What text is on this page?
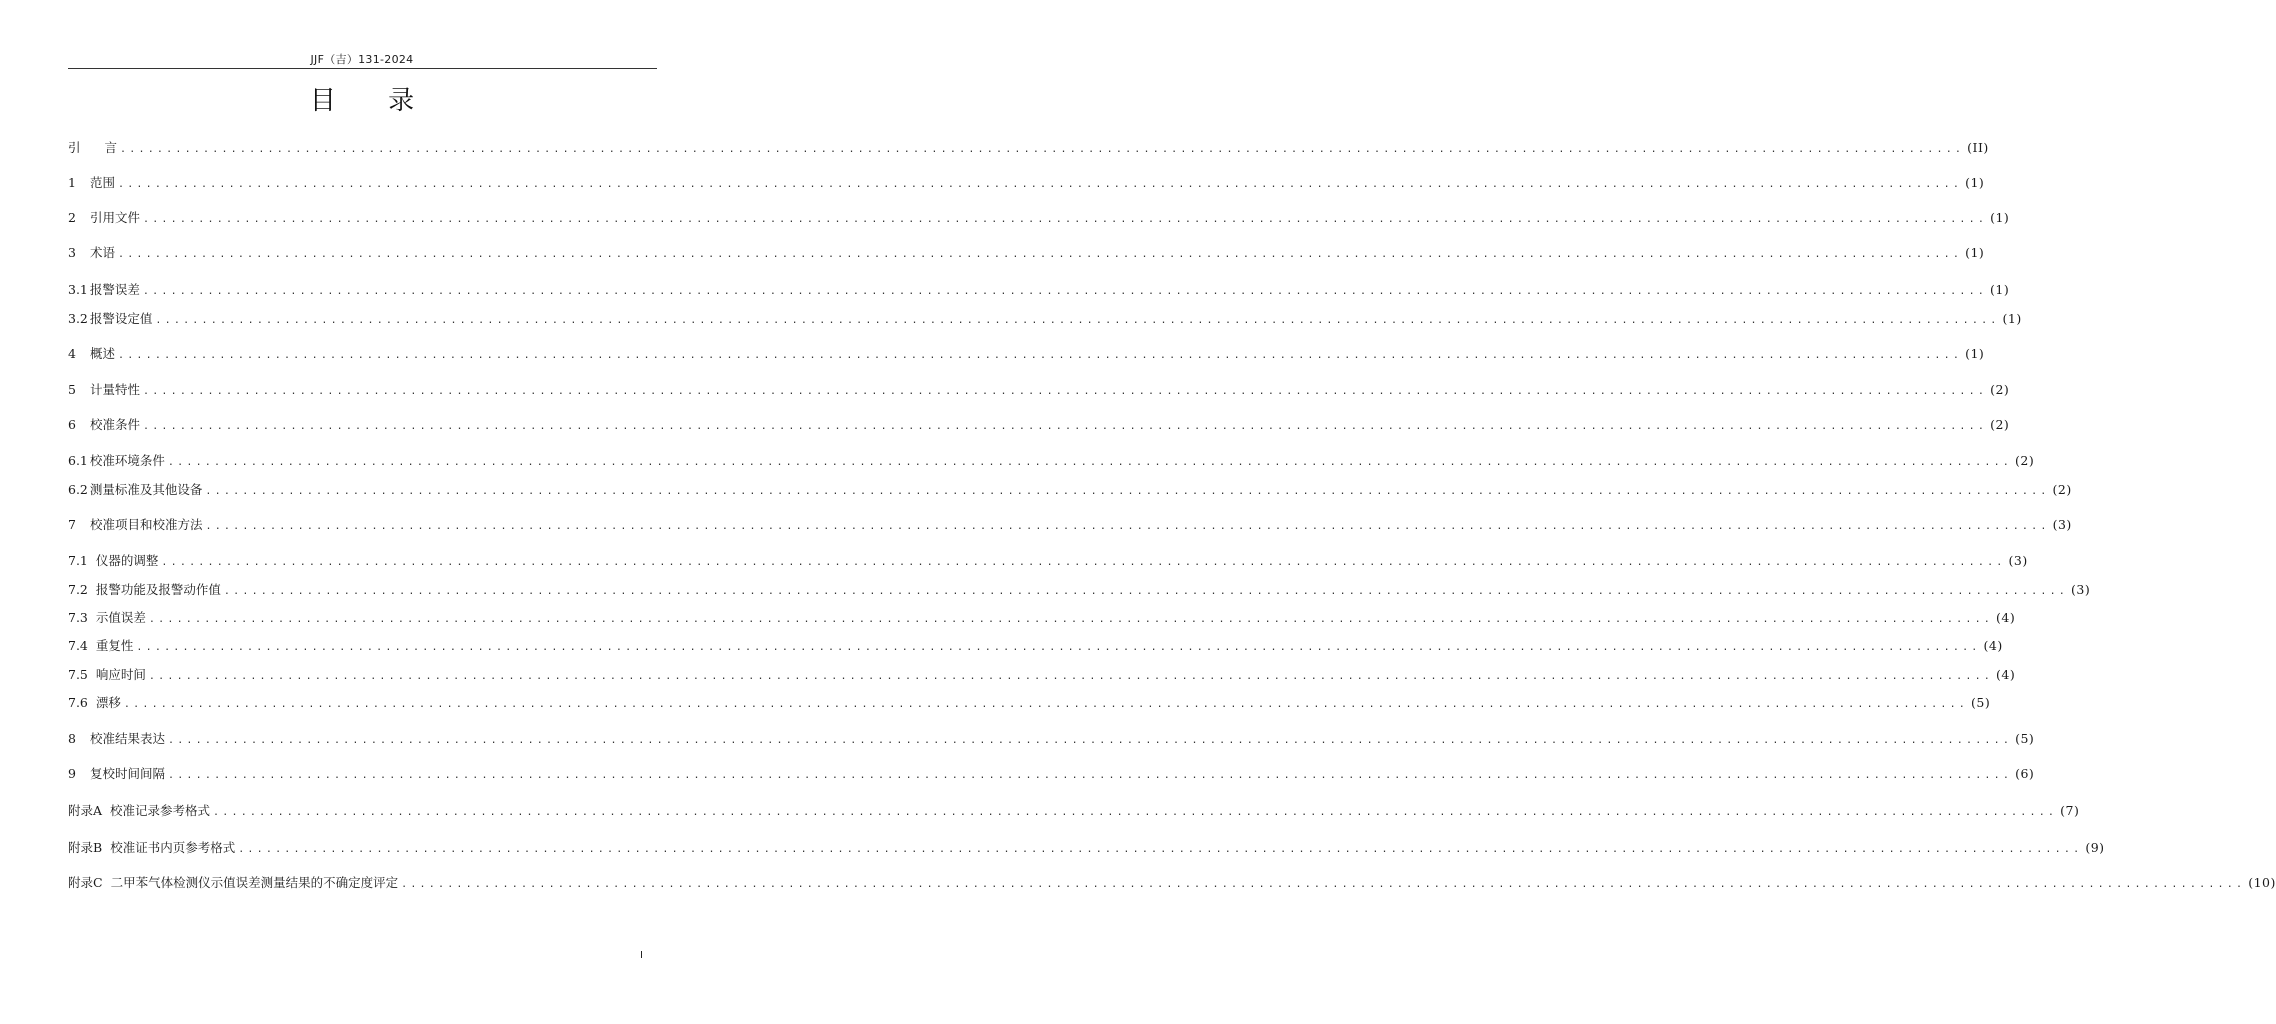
JJF（吉）131-2024
目 录
引 言 ........................................................................................................................................................................................................ (II)
1 范围 ........................................................................................................................................................................................................ (1)
2 引用文件 ........................................................................................................................................................................................................ (1)
3 术语 ........................................................................................................................................................................................................ (1)
3.1 报警误差 ........................................................................................................................................................................................................ (1)
3.2 报警设定值 ........................................................................................................................................................................................................ (1)
4 概述 ........................................................................................................................................................................................................ (1)
5 计量特性 ........................................................................................................................................................................................................ (2)
6 校准条件 ........................................................................................................................................................................................................ (2)
6.1 校准环境条件 ........................................................................................................................................................................................................ (2)
6.2 测量标准及其他设备 ........................................................................................................................................................................................................ (2)
7 校准项目和校准方法 ........................................................................................................................................................................................................ (3)
7.1 仪器的调整 ........................................................................................................................................................................................................ (3)
7.2 报警功能及报警动作值 ........................................................................................................................................................................................................ (3)
7.3 示值误差 ........................................................................................................................................................................................................ (4)
7.4 重复性 ........................................................................................................................................................................................................ (4)
7.5 响应时间 ........................................................................................................................................................................................................ (4)
7.6 漂移 ........................................................................................................................................................................................................ (5)
8 校准结果表达 ........................................................................................................................................................................................................ (5)
9 复校时间间隔 ........................................................................................................................................................................................................ (6)
附录A 校准记录参考格式 ........................................................................................................................................................................................................ (7)
附录B 校准证书内页参考格式 ........................................................................................................................................................................................................ (9)
附录C 二甲苯气体检测仪示值误差测量结果的不确定度评定 ........................................................................................................................................................................................................ (10)
I
